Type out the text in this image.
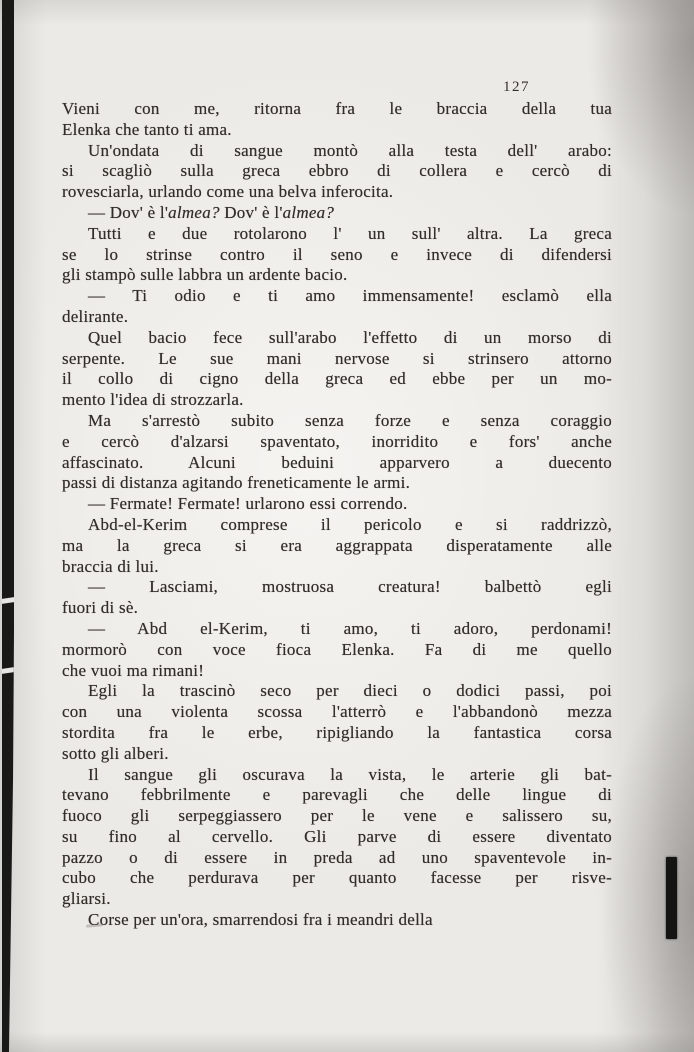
127
Vieni con me, ritorna fra le braccia della tua
Elenka che tanto ti ama.
Un'ondata di sangue montò alla testa dell' arabo:
si scagliò sulla greca ebbro di collera e cercò di
rovesciarla, urlando come una belva inferocita.
— Dov' è l'almea? Dov' è l'almea?
Tutti e due rotolarono l' un sull' altra. La greca
se lo strinse contro il seno e invece di difendersi
gli stampò sulle labbra un ardente bacio.
— Ti odio e ti amo immensamente! esclamò ella
delirante.
Quel bacio fece sull'arabo l'effetto di un morso di
serpente. Le sue mani nervose si strinsero attorno
il collo di cigno della greca ed ebbe per un mo-
mento l'idea di strozzarla.
Ma s'arrestò subito senza forze e senza coraggio
e cercò d'alzarsi spaventato, inorridito e fors' anche
affascinato. Alcuni beduini apparvero a duecento
passi di distanza agitando freneticamente le armi.
— Fermate! Fermate! urlarono essi correndo.
Abd-el-Kerim comprese il pericolo e si raddrizzò,
ma la greca si era aggrappata disperatamente alle
braccia di lui.
— Lasciami, mostruosa creatura! balbettò egli
fuori di sè.
— Abd el-Kerim, ti amo, ti adoro, perdonami!
mormorò con voce fioca Elenka. Fa di me quello
che vuoi ma rimani!
Egli la trascinò seco per dieci o dodici passi, poi
con una violenta scossa l'atterrò e l'abbandonò mezza
stordita fra le erbe, ripigliando la fantastica corsa
sotto gli alberi.
Il sangue gli oscurava la vista, le arterie gli bat-
tevano febbrilmente e parevagli che delle lingue di
fuoco gli serpeggiassero per le vene e salissero su,
su fino al cervello. Gli parve di essere diventato
pazzo o di essere in preda ad uno spaventevole in-
cubo che perdurava per quanto facesse per risve-
gliarsi.
Corse per un'ora, smarrendosi fra i meandri della
